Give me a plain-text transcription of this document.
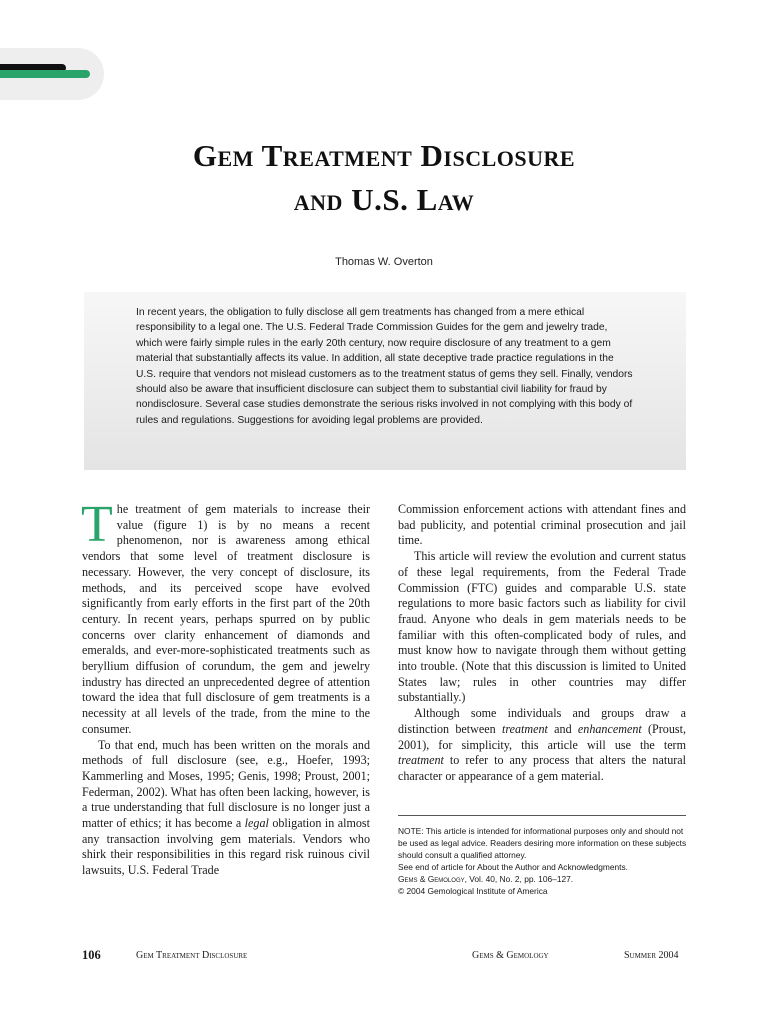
Gem Treatment Disclosure
and U.S. Law
Thomas W. Overton

In recent years, the obligation to fully disclose all gem treatments has changed from a mere ethical responsibility to a legal one. The U.S. Federal Trade Commission Guides for the gem and jewelry trade, which were fairly simple rules in the early 20th century, now require disclosure of any treatment to a gem material that substantially affects its value. In addition, all state deceptive trade practice regulations in the U.S. require that vendors not mislead customers as to the treatment status of gems they sell. Finally, vendors should also be aware that insufficient disclosure can subject them to substantial civil liability for fraud by nondisclosure. Several case studies demonstrate the serious risks involved in not complying with this body of rules and regulations. Suggestions for avoiding legal problems are provided.

The treatment of gem materials to increase their value (figure 1) is by no means a recent phenomenon, nor is awareness among ethical vendors that some level of treatment disclosure is necessary. However, the very concept of disclosure, its methods, and its perceived scope have evolved significantly from early efforts in the first part of the 20th century. In recent years, perhaps spurred on by public concerns over clarity enhancement of diamonds and emeralds, and ever-more-sophisticated treatments such as beryllium diffusion of corundum, the gem and jewelry industry has directed an unprecedented degree of attention toward the idea that full disclosure of gem treatments is a necessity at all levels of the trade, from the mine to the consumer.

To that end, much has been written on the morals and methods of full disclosure (see, e.g., Hoefer, 1993; Kammerling and Moses, 1995; Genis, 1998; Proust, 2001; Federman, 2002). What has often been lacking, however, is a true understanding that full disclosure is no longer just a matter of ethics; it has become a legal obligation in almost any transaction involving gem materials. Vendors who shirk their responsibilities in this regard risk ruinous civil lawsuits, U.S. Federal Trade

Commission enforcement actions with attendant fines and bad publicity, and potential criminal prosecution and jail time.

This article will review the evolution and current status of these legal requirements, from the Federal Trade Commission (FTC) guides and comparable U.S. state regulations to more basic factors such as liability for civil fraud. Anyone who deals in gem materials needs to be familiar with this often-complicated body of rules, and must know how to navigate through them without getting into trouble. (Note that this discussion is limited to United States law; rules in other countries may differ substantially.)

Although some individuals and groups draw a distinction between treatment and enhancement (Proust, 2001), for simplicity, this article will use the term treatment to refer to any process that alters the natural character or appearance of a gem material.

NOTE: This article is intended for informational purposes only and should not be used as legal advice. Readers desiring more information on these subjects should consult a qualified attorney.
See end of article for About the Author and Acknowledgments.
Gems & Gemology, Vol. 40, No. 2, pp. 106–127.
© 2004 Gemological Institute of America
106	Gem Treatment Disclosure	Gems & Gemology	Summer 2004
